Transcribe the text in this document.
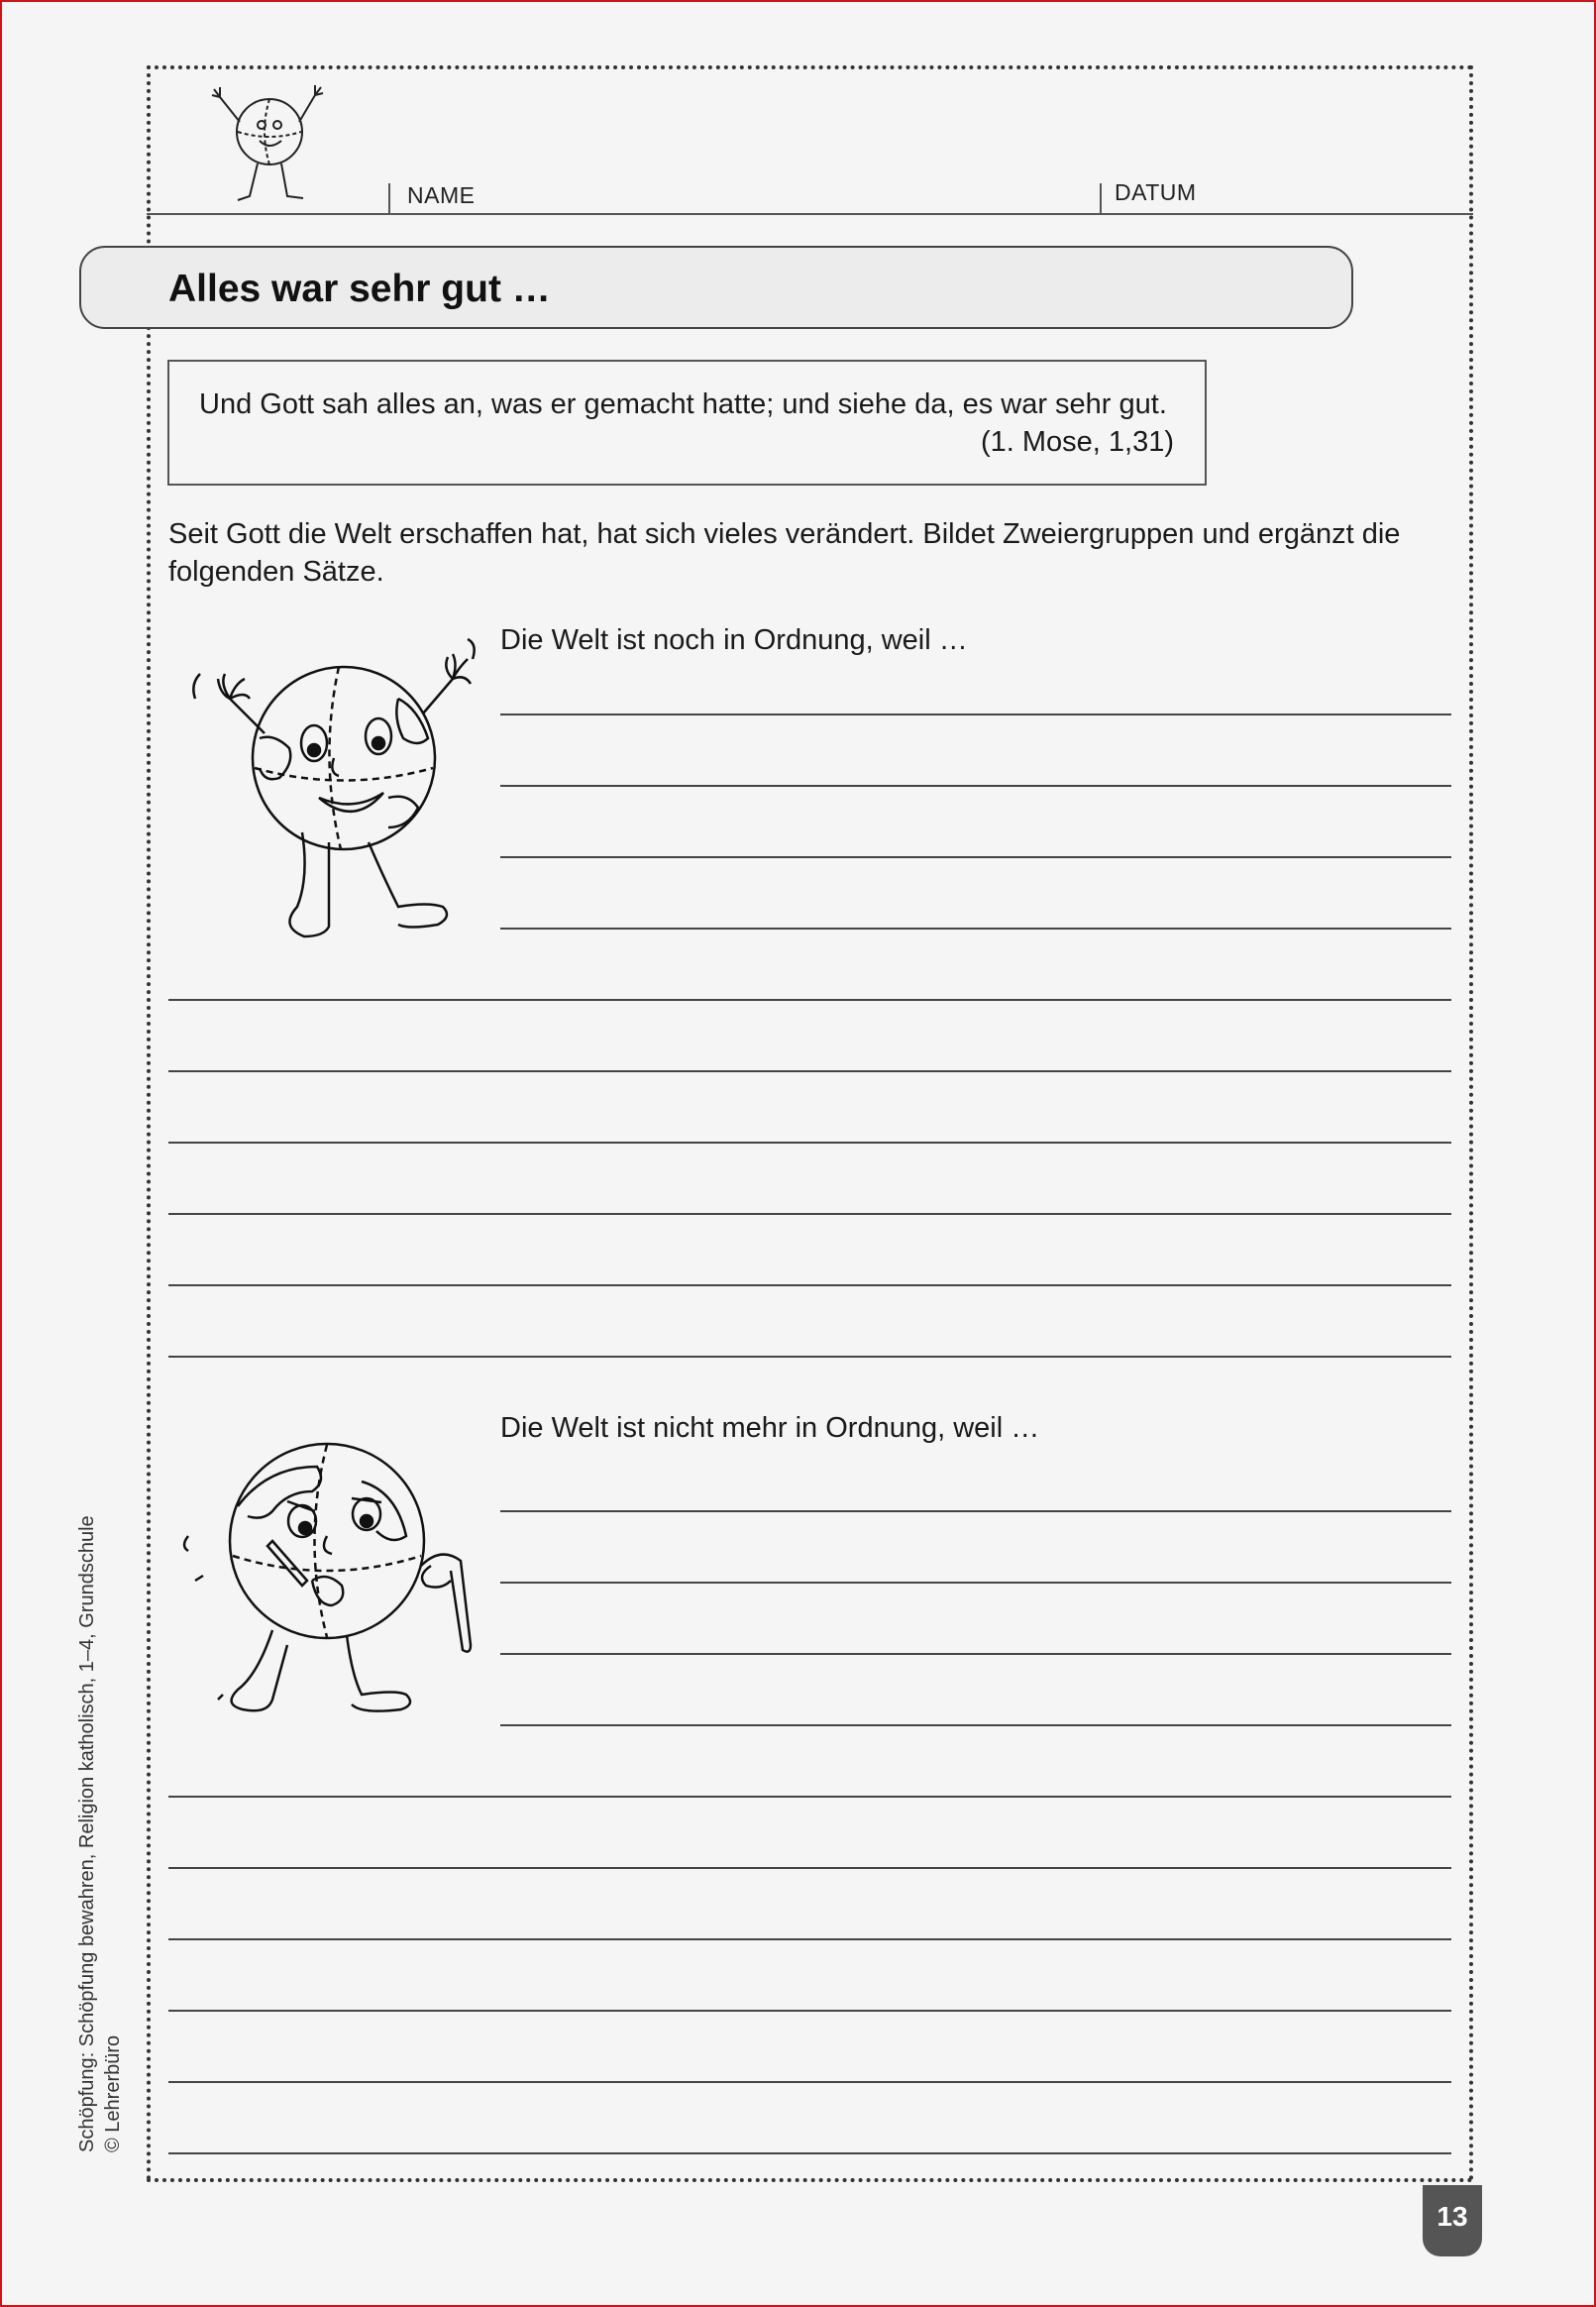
NAME	DATUM
Alles war sehr gut …
Und Gott sah alles an, was er gemacht hatte; und siehe da, es war sehr gut.
(1. Mose, 1,31)
Seit Gott die Welt erschaffen hat, hat sich vieles verändert. Bildet Zweiergruppen und ergänzt die folgenden Sätze.
Die Welt ist noch in Ordnung, weil …
Die Welt ist nicht mehr in Ordnung, weil …
Schöpfung: Schöpfung bewahren, Religion katholisch, 1–4, Grundschule © Lehrerbüro
13
